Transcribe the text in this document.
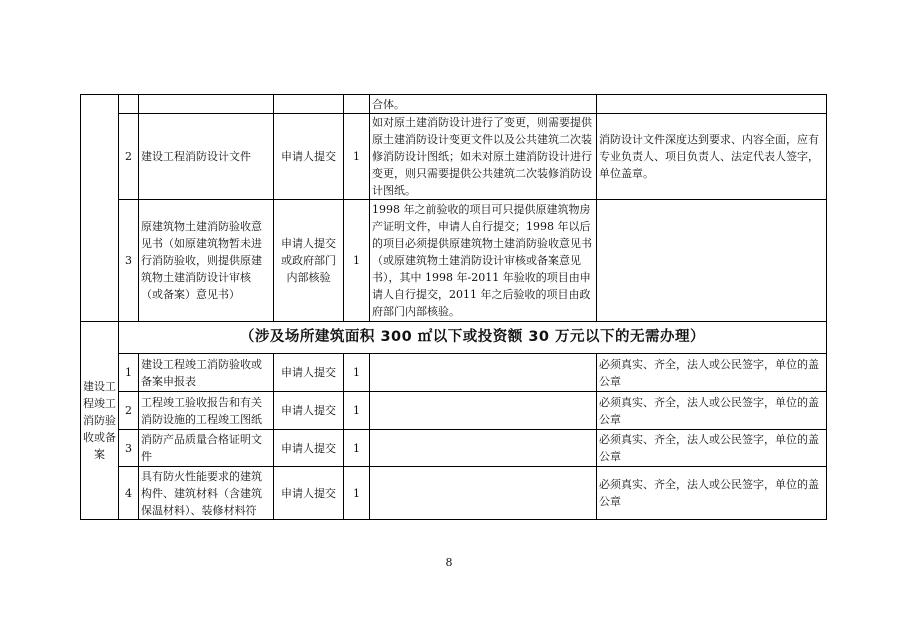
					合体。	
	2	建设工程消防设计文件	申请人提交	1	如对原土建消防设计进行了变更，则需要提供原土建消防设计变更文件以及公共建筑二次装修消防设计图纸；如未对原土建消防设计进行变更，则只需要提供公共建筑二次装修消防设计图纸。	消防设计文件深度达到要求、内容全面，应有专业负责人、项目负责人、法定代表人签字，单位盖章。
	3	原建筑物土建消防验收意见书（如原建筑物暂未进行消防验收，则提供原建筑物土建消防设计审核（或备案）意见书）	申请人提交或政府部门内部核验	1	1998 年之前验收的项目可只提供原建筑物房产证明文件，申请人自行提交；1998 年以后的项目必须提供原建筑物土建消防验收意见书（或原建筑物土建消防设计审核或备案意见书），其中 1998 年-2011 年验收的项目由申请人自行提交，2011 年之后验收的项目由政府部门内部核验。	
建设工程竣工消防验收或备案	（涉及场所建筑面积 300 ㎡以下或投资额 30 万元以下的无需办理）					
	1	建设工程竣工消防验收或备案申报表	申请人提交	1		必须真实、齐全，法人或公民签字，单位的盖公章
	2	工程竣工验收报告和有关消防设施的工程竣工图纸	申请人提交	1		必须真实、齐全，法人或公民签字，单位的盖公章
	3	消防产品质量合格证明文件	申请人提交	1		必须真实、齐全，法人或公民签字，单位的盖公章
	4	具有防火性能要求的建筑构件、建筑材料（含建筑保温材料）、装修材料符	申请人提交	1		必须真实、齐全，法人或公民签字，单位的盖公章
8
